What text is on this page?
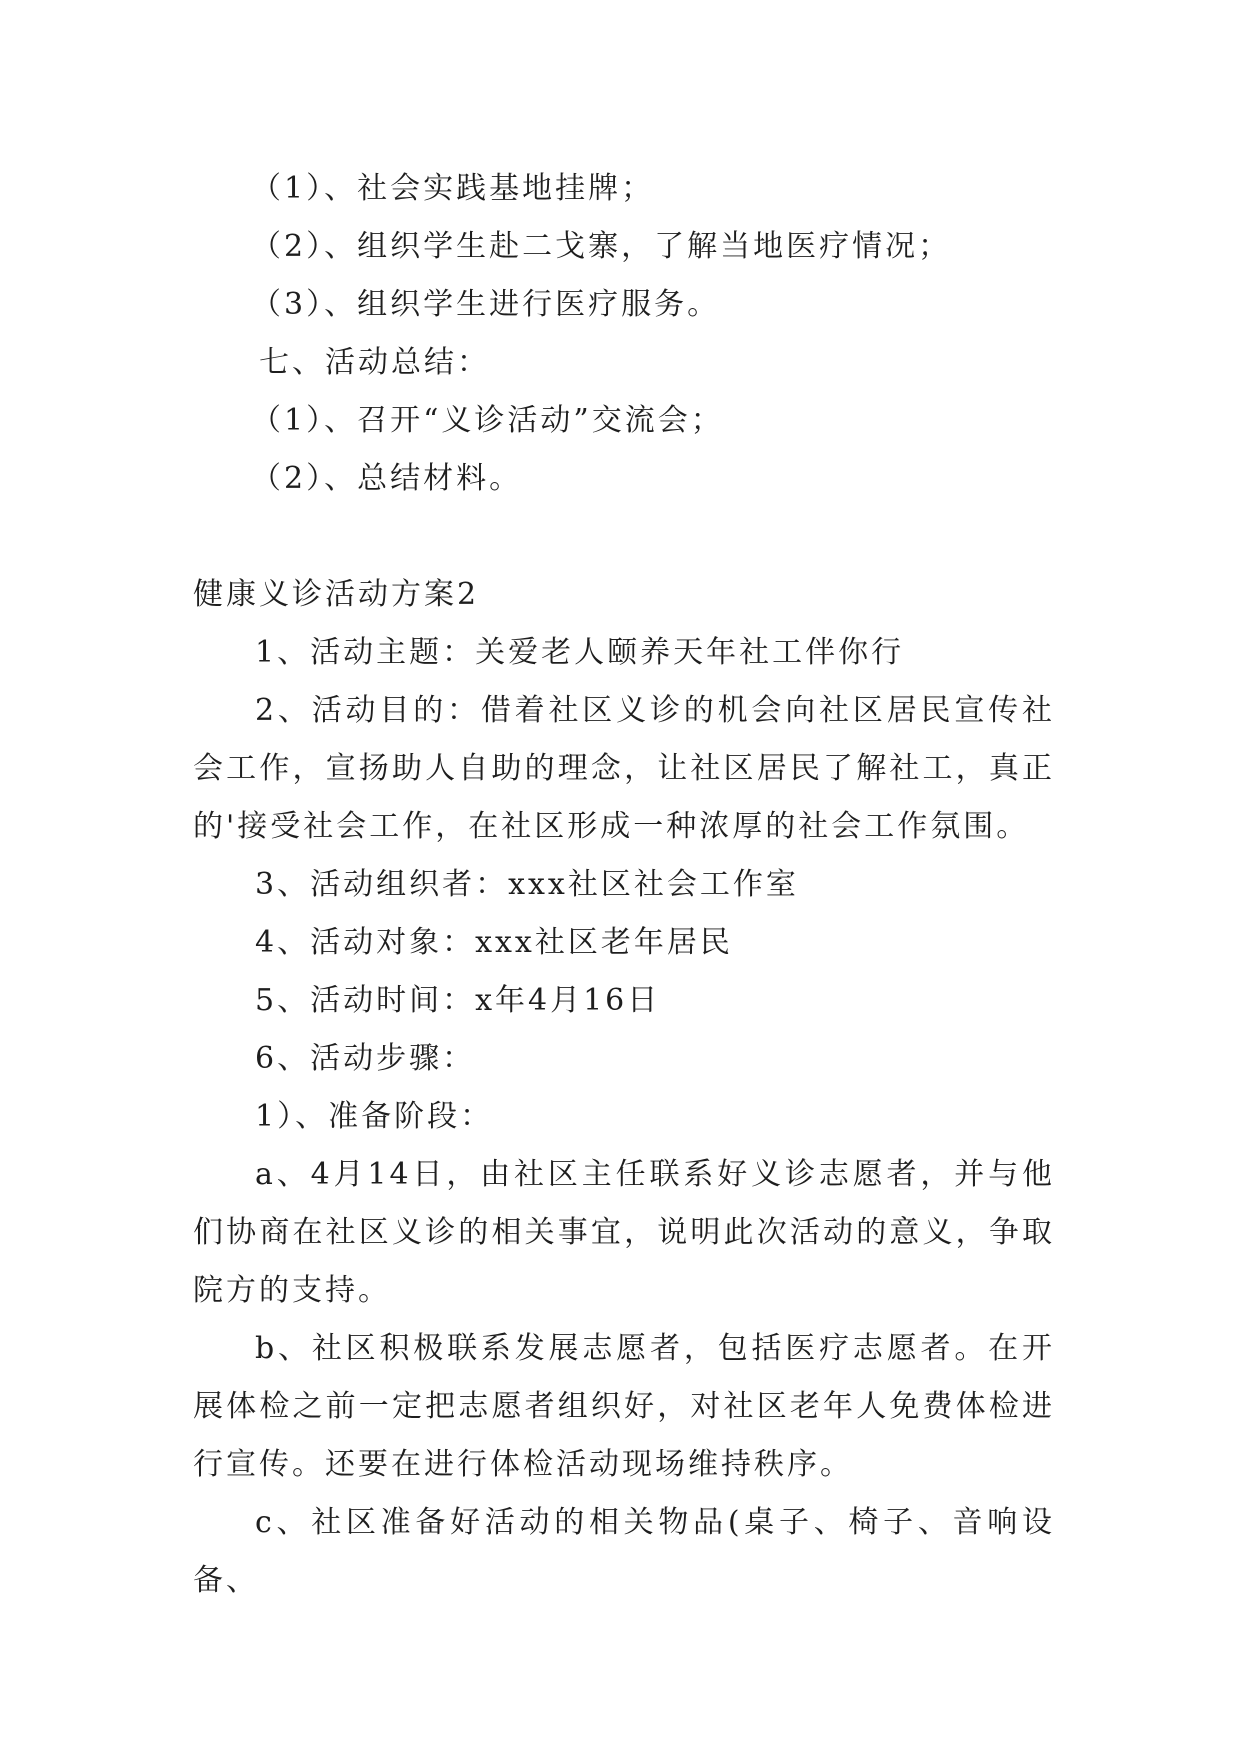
（1）、社会实践基地挂牌；

（2）、组织学生赴二戈寨，了解当地医疗情况；

（3）、组织学生进行医疗服务。

七、活动总结：

（1）、召开“义诊活动”交流会；

（2）、总结材料。

健康义诊活动方案2

1、活动主题：关爱老人颐养天年社工伴你行

2、活动目的：借着社区义诊的机会向社区居民宣传社会工作，宣扬助人自助的理念，让社区居民了解社工，真正的'接受社会工作，在社区形成一种浓厚的社会工作氛围。

3、活动组织者：xxx社区社会工作室

4、活动对象：xxx社区老年居民

5、活动时间：x年4月16日

6、活动步骤：

1）、准备阶段：

a、4月14日，由社区主任联系好义诊志愿者，并与他们协商在社区义诊的相关事宜，说明此次活动的意义，争取院方的支持。

b、社区积极联系发展志愿者，包括医疗志愿者。在开展体检之前一定把志愿者组织好，对社区老年人免费体检进行宣传。还要在进行体检活动现场维持秩序。

c、社区准备好活动的相关物品(桌子、椅子、音响设备、
